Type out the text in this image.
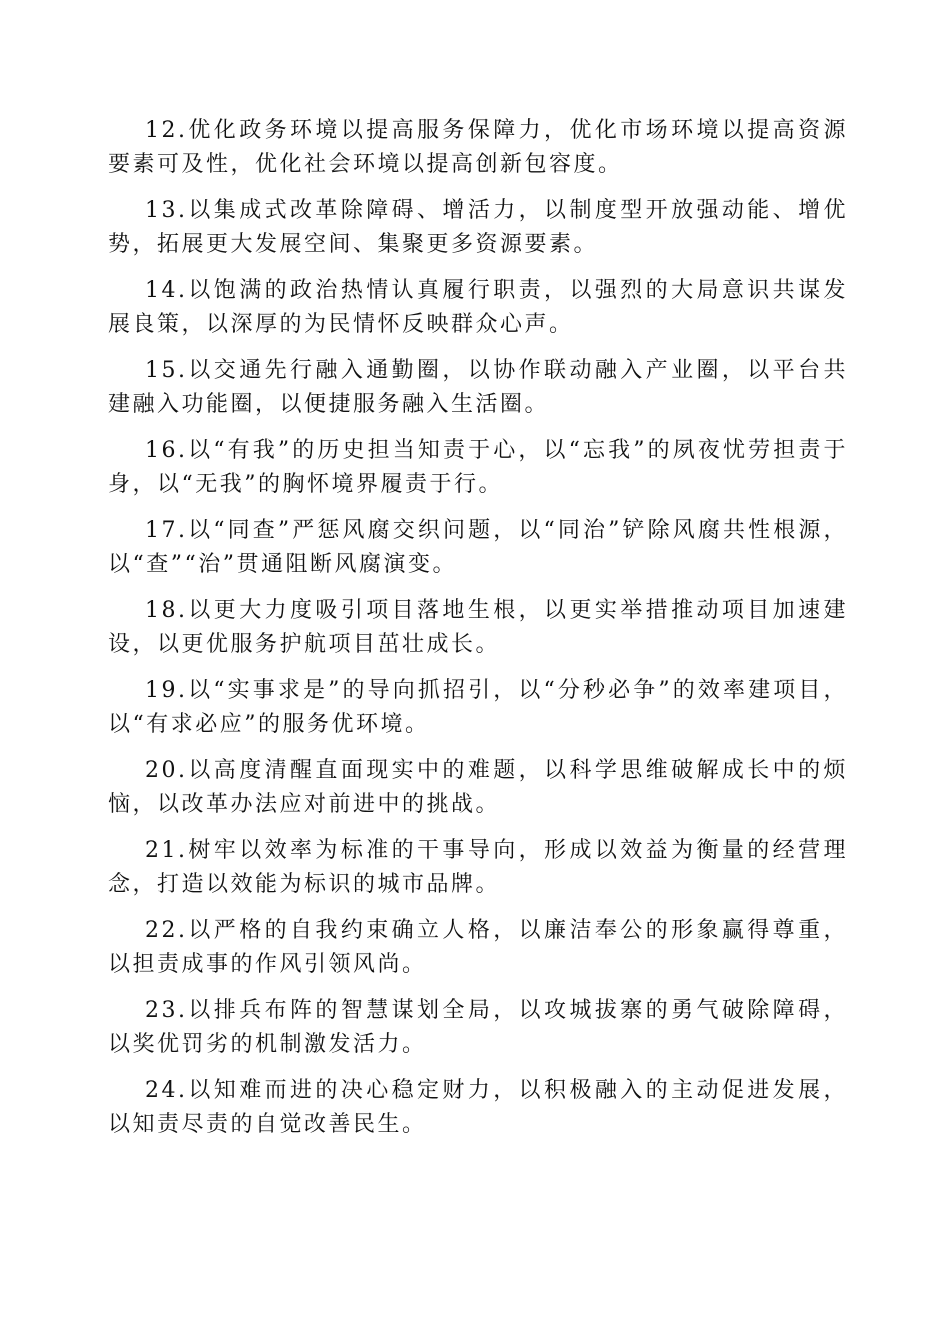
12.优化政务环境以提高服务保障力，优化市场环境以提高资源要素可及性，优化社会环境以提高创新包容度。

13.以集成式改革除障碍、增活力，以制度型开放强动能、增优势，拓展更大发展空间、集聚更多资源要素。

14.以饱满的政治热情认真履行职责，以强烈的大局意识共谋发展良策，以深厚的为民情怀反映群众心声。

15.以交通先行融入通勤圈，以协作联动融入产业圈，以平台共建融入功能圈，以便捷服务融入生活圈。

16.以“有我”的历史担当知责于心，以“忘我”的夙夜忧劳担责于身，以“无我”的胸怀境界履责于行。

17.以“同查”严惩风腐交织问题，以“同治”铲除风腐共性根源，以“查”“治”贯通阻断风腐演变。

18.以更大力度吸引项目落地生根，以更实举措推动项目加速建设，以更优服务护航项目茁壮成长。

19.以“实事求是”的导向抓招引，以“分秒必争”的效率建项目，以“有求必应”的服务优环境。

20.以高度清醒直面现实中的难题，以科学思维破解成长中的烦恼，以改革办法应对前进中的挑战。

21.树牢以效率为标准的干事导向，形成以效益为衡量的经营理念，打造以效能为标识的城市品牌。

22.以严格的自我约束确立人格，以廉洁奉公的形象赢得尊重，以担责成事的作风引领风尚。

23.以排兵布阵的智慧谋划全局，以攻城拔寨的勇气破除障碍，以奖优罚劣的机制激发活力。

24.以知难而进的决心稳定财力，以积极融入的主动促进发展，以知责尽责的自觉改善民生。
